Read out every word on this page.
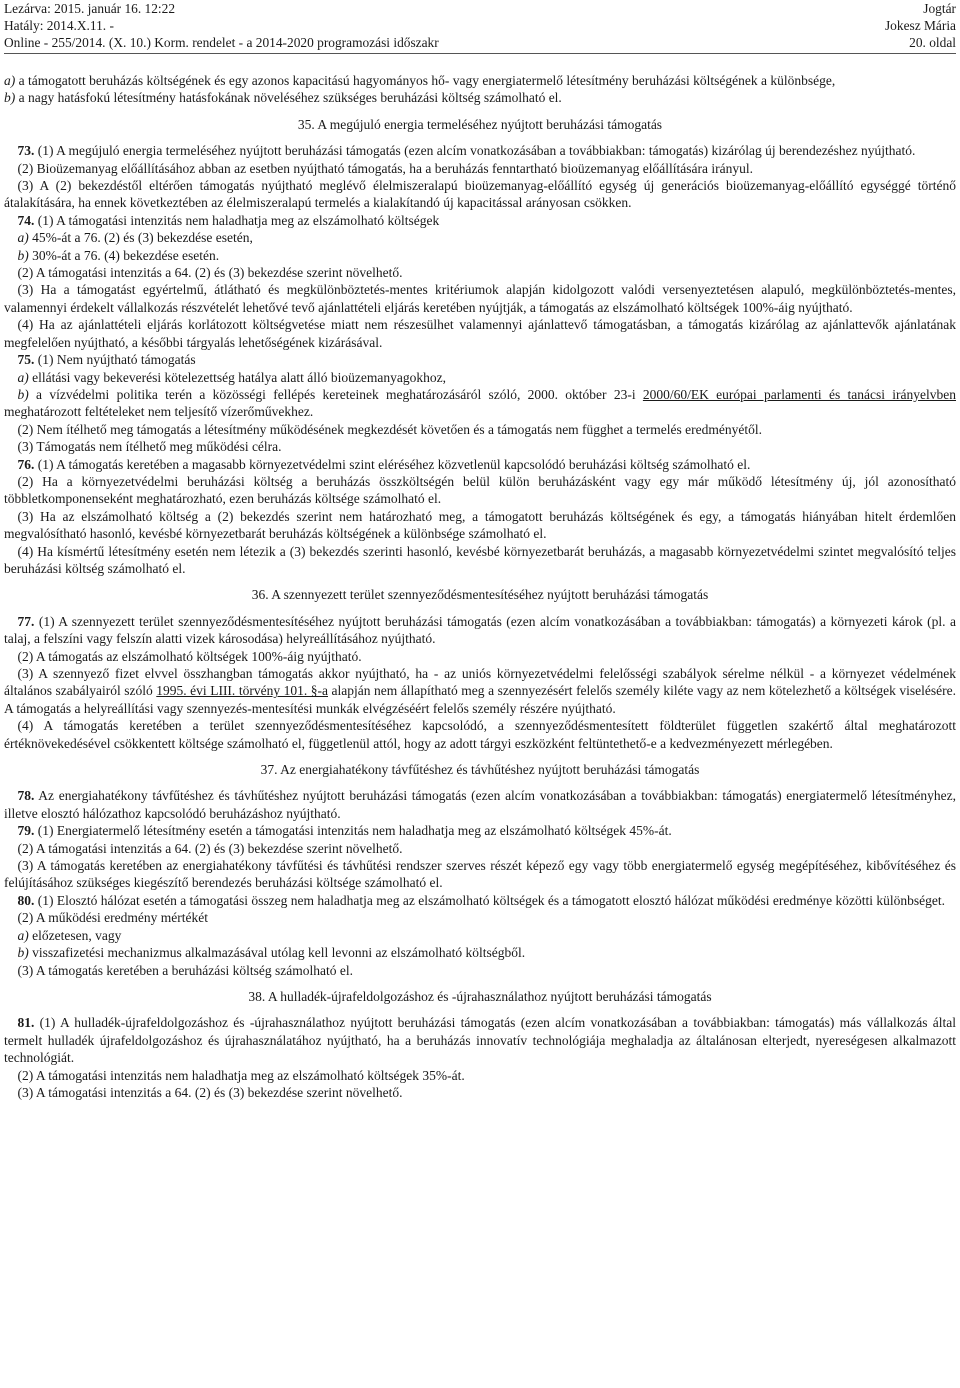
Lezárva: 2015. január 16. 12:22
Hatály: 2014.X.11. -
Online - 255/2014. (X. 10.) Korm. rendelet - a 2014-2020 programozási időszakr
Jogtár
Jokesz Mária
20. oldal

a) a támogatott beruházás költségének és egy azonos kapacitású hagyományos hő- vagy energiatermelő létesítmény beruházási költségének a különbsége,

b) a nagy hatásfokú létesítmény hatásfokának növeléséhez szükséges beruházási költség számolható el.

35. A megújuló energia termeléséhez nyújtott beruházási támogatás

73. (1) A megújuló energia termeléséhez nyújtott beruházási támogatás (ezen alcím vonatkozásában a továbbiakban: támogatás) kizárólag új berendezéshez nyújtható.

(2) Bioüzemanyag előállításához abban az esetben nyújtható támogatás, ha a beruházás fenntartható bioüzemanyag előállítására irányul.

(3) A (2) bekezdéstől eltérően támogatás nyújtható meglévő élelmiszeralapú bioüzemanyag-előállító egység új generációs bioüzemanyag-előállító egységgé történő átalakítására, ha ennek következtében az élelmiszeralapú termelés a kialakítandó új kapacitással arányosan csökken.

74. (1) A támogatási intenzitás nem haladhatja meg az elszámolható költségek

a) 45%-át a 76. (2) és (3) bekezdése esetén,

b) 30%-át a 76. (4) bekezdése esetén.

(2) A támogatási intenzitás a 64. (2) és (3) bekezdése szerint növelhető.

(3) Ha a támogatást egyértelmű, átlátható és megkülönböztetés-mentes kritériumok alapján kidolgozott valódi versenyeztetésen alapuló, megkülönböztetés-mentes, valamennyi érdekelt vállalkozás részvételét lehetővé tevő ajánlattételi eljárás keretében nyújtják, a támogatás az elszámolható költségek 100%-áig nyújtható.

(4) Ha az ajánlattételi eljárás korlátozott költségvetése miatt nem részesülhet valamennyi ajánlattevő támogatásban, a támogatás kizárólag az ajánlattevők ajánlatának megfelelően nyújtható, a későbbi tárgyalás lehetőségének kizárásával.

75. (1) Nem nyújtható támogatás

a) ellátási vagy bekeverési kötelezettség hatálya alatt álló bioüzemanyagokhoz,

b) a vízvédelmi politika terén a közösségi fellépés kereteinek meghatározásáról szóló, 2000. október 23-i 2000/60/EK európai parlamenti és tanácsi irányelvben meghatározott feltételeket nem teljesítő vízerőművekhez.

(2) Nem ítélhető meg támogatás a létesítmény működésének megkezdését követően és a támogatás nem függhet a termelés eredményétől.

(3) Támogatás nem ítélhető meg működési célra.

76. (1) A támogatás keretében a magasabb környezetvédelmi szint eléréséhez közvetlenül kapcsolódó beruházási költség számolható el.

(2) Ha a környezetvédelmi beruházási költség a beruházás összköltségén belül külön beruházásként vagy egy már működő létesítmény új, jól azonosítható többletkomponenseként meghatározható, ezen beruházás költsége számolható el.

(3) Ha az elszámolható költség a (2) bekezdés szerint nem határozható meg, a támogatott beruházás költségének és egy, a támogatás hiányában hitelt érdemlően megvalósítható hasonló, kevésbé környezetbarát beruházás költségének a különbsége számolható el.

(4) Ha kísmértű létesítmény esetén nem létezik a (3) bekezdés szerinti hasonló, kevésbé környezetbarát beruházás, a magasabb környezetvédelmi szintet megvalósító teljes beruházási költség számolható el.

36. A szennyezett terület szennyeződésmentesítéséhez nyújtott beruházási támogatás

77. (1) A szennyezett terület szennyeződésmentesítéséhez nyújtott beruházási támogatás (ezen alcím vonatkozásában a továbbiakban: támogatás) a környezeti károk (pl. a talaj, a felszíni vagy felszín alatti vizek károsodása) helyreállításához nyújtható.

(2) A támogatás az elszámolható költségek 100%-áig nyújtható.

(3) A szennyező fizet elvvel összhangban támogatás akkor nyújtható, ha - az uniós környezetvédelmi felelősségi szabályok sérelme nélkül - a környezet védelmének általános szabályairól szóló 1995. évi LIII. törvény 101. §-a alapján nem állapítható meg a szennyezésért felelős személy kiléte vagy az nem kötelezhető a költségek viselésére. A támogatás a helyreállítási vagy szennyezés-mentesítési munkák elvégzéséért felelős személy részére nyújtható.

(4) A támogatás keretében a terület szennyeződésmentesítéséhez kapcsolódó, a szennyeződésmentesített földterület független szakértő által meghatározott értéknövekedésével csökkentett költsége számolható el, függetlenül attól, hogy az adott tárgyi eszközként feltüntethető-e a kedvezményezett mérlegében.

37. Az energiahatékony távfűtéshez és távhűtéshez nyújtott beruházási támogatás

78. Az energiahatékony távfűtéshez és távhűtéshez nyújtott beruházási támogatás (ezen alcím vonatkozásában a továbbiakban: támogatás) energiatermelő létesítményhez, illetve elosztó hálózathoz kapcsolódó beruházáshoz nyújtható.

79. (1) Energiatermelő létesítmény esetén a támogatási intenzitás nem haladhatja meg az elszámolható költségek 45%-át.

(2) A támogatási intenzitás a 64. (2) és (3) bekezdése szerint növelhető.

(3) A támogatás keretében az energiahatékony távfűtési és távhűtési rendszer szerves részét képező egy vagy több energiatermelő egység megépítéséhez, kibővítéséhez és felújításához szükséges kiegészítő berendezés beruházási költsége számolható el.

80. (1) Elosztó hálózat esetén a támogatási összeg nem haladhatja meg az elszámolható költségek és a támogatott elosztó hálózat működési eredménye közötti különbséget.

(2) A működési eredmény mértékét

a) előzetesen, vagy

b) visszafizetési mechanizmus alkalmazásával utólag kell levonni az elszámolható költségből.

(3) A támogatás keretében a beruházási költség számolható el.

38. A hulladék-újrafeldolgozáshoz és -újrahasználathoz nyújtott beruházási támogatás

81. (1) A hulladék-újrafeldolgozáshoz és -újrahasználathoz nyújtott beruházási támogatás (ezen alcím vonatkozásában a továbbiakban: támogatás) más vállalkozás által termelt hulladék újrafeldolgozáshoz és újrahasználatához nyújtható, ha a beruházás innovatív technológiája meghaladja az általánosan elterjedt, nyereségesen alkalmazott technológiát.

(2) A támogatási intenzitás nem haladhatja meg az elszámolható költségek 35%-át.

(3) A támogatási intenzitás a 64. (2) és (3) bekezdése szerint növelhető.
